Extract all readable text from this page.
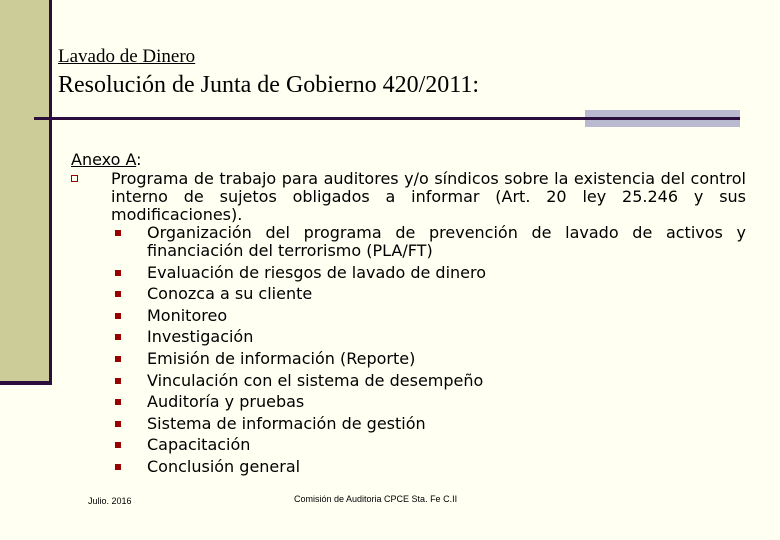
Lavado de Dinero
Resolución de Junta de Gobierno 420/2011:

Anexo A:

Programa de trabajo para auditores y/o síndicos sobre la existencia del control interno de sujetos obligados a informar (Art. 20 ley 25.246 y sus modificaciones).

Organización del programa de prevención de lavado de activos y financiación del terrorismo (PLA/FT)
Evaluación de riesgos de lavado de dinero
Conozca a su cliente
Monitoreo
Investigación
Emisión de información (Reporte)
Vinculación con el sistema de desempeño
Auditoría y pruebas
Sistema de información de gestión
Capacitación
Conclusión general
Julio. 2016	Comisión de Auditoria CPCE Sta. Fe C.II
